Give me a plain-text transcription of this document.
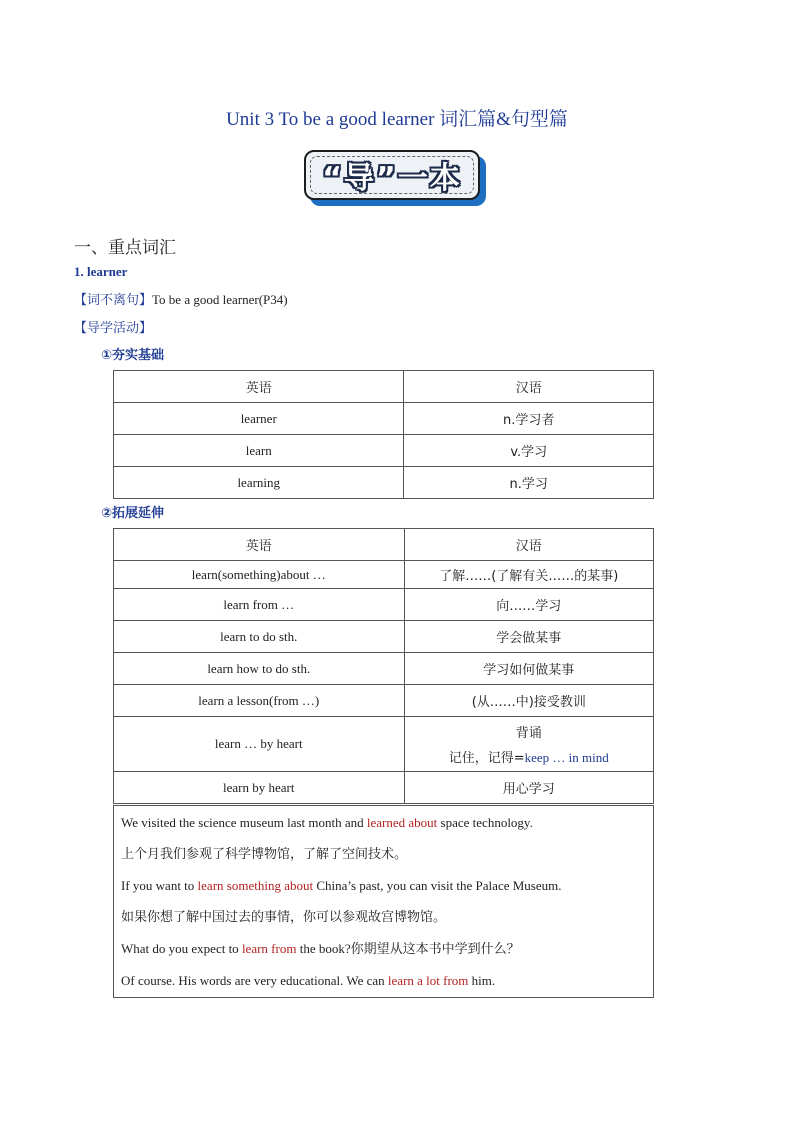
Unit 3 To be a good learner 词汇篇&句型篇
“导”一本
一、重点词汇
1. learner
【词不离句】To be a good learner(P34)
【导学活动】
①夯实基础
英语	汉语
learner	n.学习者
learn	v.学习
learning	n.学习
②拓展延伸
英语	汉语
learn(something)about …	了解……(了解有关……的某事)
learn from …	向……学习
learn to do sth.	学会做某事
learn how to do sth.	学习如何做某事
learn a lesson(from …)	(从……中)接受教训
learn … by heart	背诵
记住，记得=keep … in mind

learn by heart	用心学习
We visited the science museum last month and learned about space technology.
上个月我们参观了科学博物馆，了解了空间技术。
If you want to learn something about China’s past, you can visit the Palace Museum.
如果你想了解中国过去的事情，你可以参观故宫博物馆。
What do you expect to learn from the book?你期望从这本书中学到什么？
Of course. His words are very educational. We can learn a lot from him.
